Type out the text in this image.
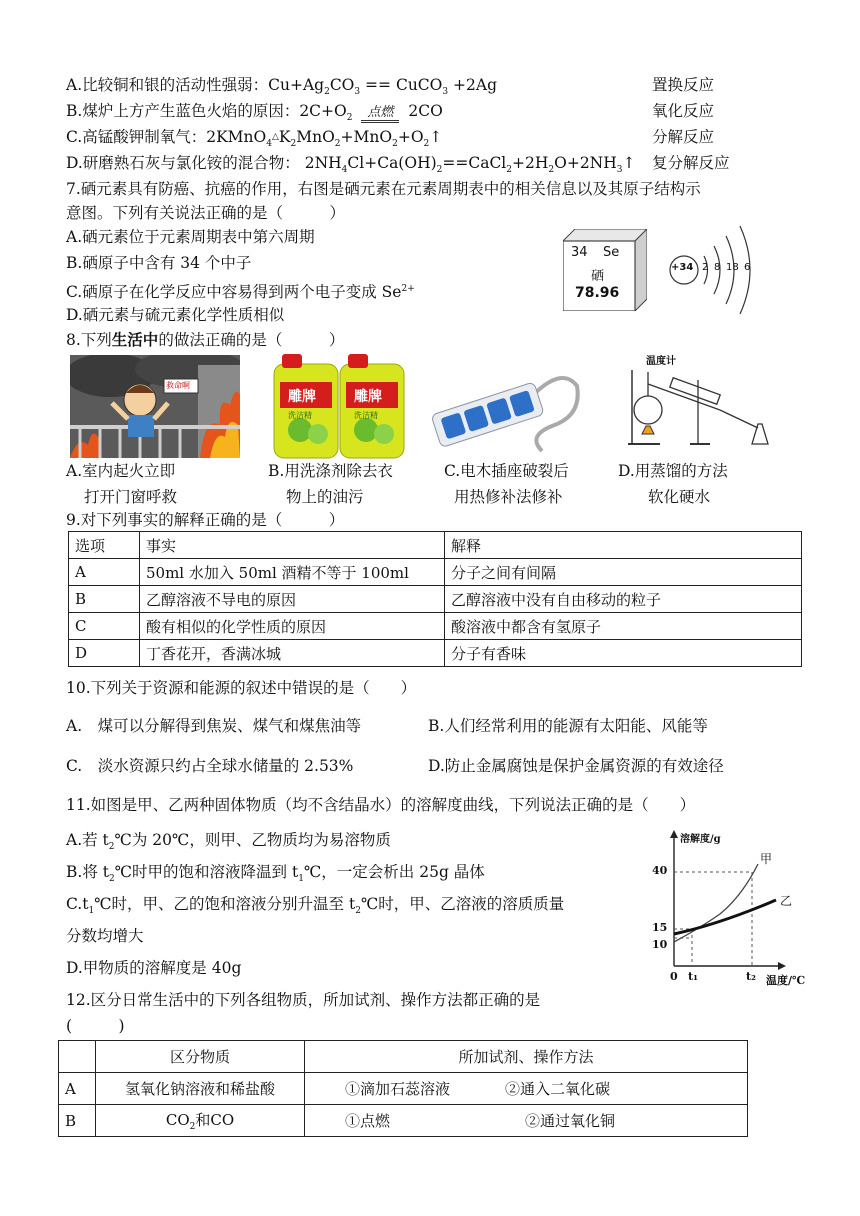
A.比较铜和银的活动性强弱：$Cu+Ag_2CO_3$ == CuCO$_3$ +2Ag	置换反应
B.煤炉上方产生蓝色火焰的原因：$2C+O_2$ 点燃 2CO	氧化反应
C.高锰酸钾制氧气：$2KMnO_4^\triangle K_2MnO_2+MnO_2+O_2↑$	分解反应
D.研磨熟石灰与氯化铵的混合物： $2NH_4Cl+Ca(OH)_2==CaCl_2+2H_2O+2NH_3↑$ 复分解反应
7.硒元素具有防癌、抗癌的作用，右图是硒元素在元素周期表中的相关信息以及其原子结构示
意图。下列有关说法正确的是（　　　）
A.硒元素位于元素周期表中第六周期
B.硒原子中含有 34 个中子
C.硒原子在化学反应中容易得到两个电子变成 $Se^{2+}$
D.硒元素与硫元素化学性质相似
34 Se
硒
78.96
+34 2 8 18 6
8.下列生活中的做法正确的是（　　　）
救命啊
雕牌	雕牌
洗洁精	洗洁精
温度计
A.室内起火立即
打开门窗呼救
B.用洗涤剂除去衣
物上的油污
C.电木插座破裂后
用热修补法修补
D.用蒸馏的方法
软化硬水
9.对下列事实的解释正确的是（　　　）
选项	事实	解释
A	50ml 水加入 50ml 酒精不等于 100ml	分子之间有间隔
B	乙醇溶液不导电的原因	乙醇溶液中没有自由移动的粒子
C	酸有相似的化学性质的原因	酸溶液中都含有氢原子
D	丁香花开，香满冰城	分子有香味
10.下列关于资源和能源的叙述中错误的是（　　）
A.　煤可以分解得到焦炭、煤气和煤焦油等	B.人们经常利用的能源有太阳能、风能等
C.　淡水资源只约占全球水储量的 2.53%	D.防止金属腐蚀是保护金属资源的有效途径
11.如图是甲、乙两种固体物质（均不含结晶水）的溶解度曲线，下列说法正确的是（　　）
A.若 $t_2℃$为 20℃，则甲、乙物质均为易溶物质
B.将 $t_2℃$时甲的饱和溶液降温到 $t_1℃$，一定会析出 25g 晶体
$C.t_1℃$时，甲、乙的饱和溶液分别升温至 $t_2℃$时，甲、乙溶液的溶质质量
分数均增大
D.甲物质的溶解度是 40g
溶解度/g
温度/℃
40
15
10
0 t₁	t₂
甲
乙
12.区分日常生活中的下列各组物质，所加试剂、操作方法都正确的是
(　　　)
	区分物质	所加试剂、操作方法
A	氢氧化钠溶液和稀盐酸	①滴加石蕊溶液 ②通入二氧化碳
B	$CO_2$和CO	①点燃 ②通过氧化铜
